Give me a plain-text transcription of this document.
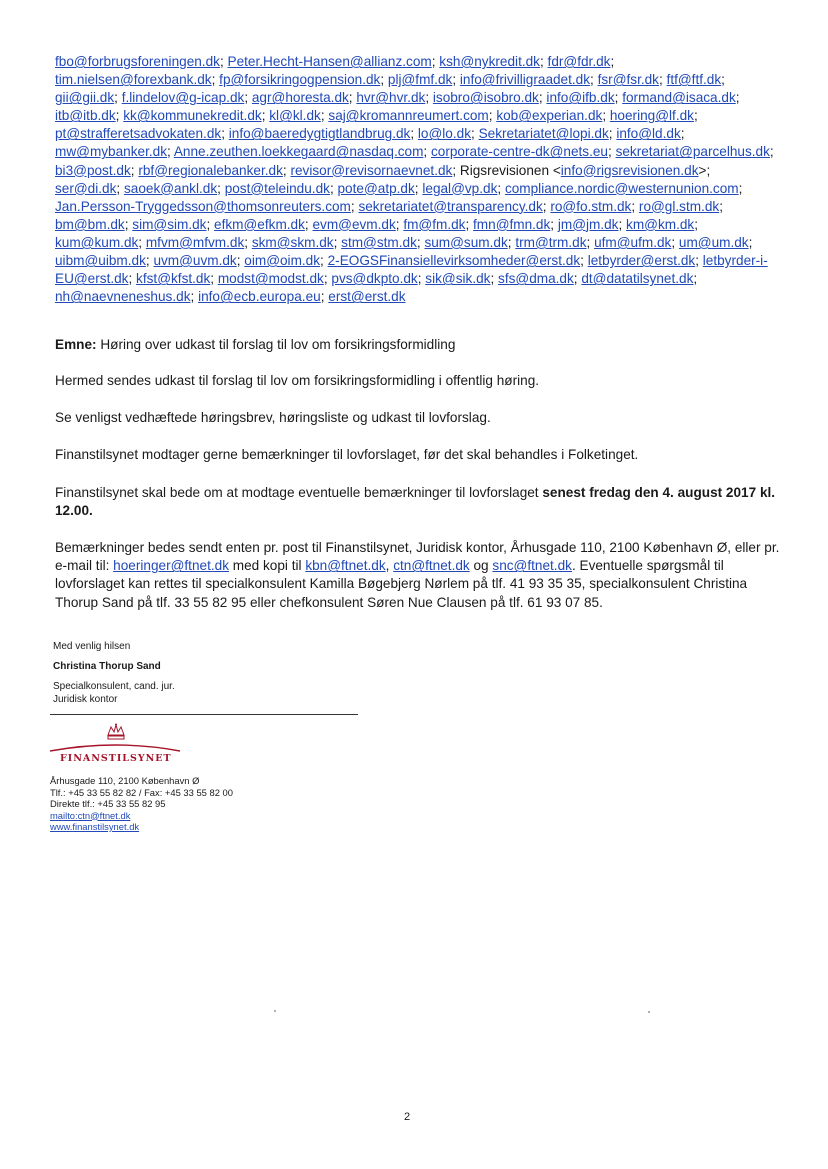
fbo@forbrugsforeningen.dk; Peter.Hecht-Hansen@allianz.com; ksh@nykredit.dk; fdr@fdr.dk; tim.nielsen@forexbank.dk; fp@forsikringogpension.dk; plj@fmf.dk; info@frivilligraadet.dk; fsr@fsr.dk; ftf@ftf.dk; gii@gii.dk; f.lindelov@g-icap.dk; agr@horesta.dk; hvr@hvr.dk; isobro@isobro.dk; info@ifb.dk; formand@isaca.dk; itb@itb.dk; kk@kommunekredit.dk; kl@kl.dk; saj@kromannreumert.com; kob@experian.dk; hoering@lf.dk; pt@strafferetsadvokaten.dk; info@baeredygtigtlandbrug.dk; lo@lo.dk; Sekretariatet@lopi.dk; info@ld.dk; mw@mybanker.dk; Anne.zeuthen.loekkegaard@nasdaq.com; corporate-centre-dk@nets.eu; sekretariat@parcelhus.dk; bi3@post.dk; rbf@regionalebanker.dk; revisor@revisornaevnet.dk; Rigsrevisionen <info@rigsrevisionen.dk>; ser@di.dk; saoek@ankl.dk; post@teleindu.dk; pote@atp.dk; legal@vp.dk; compliance.nordic@westernunion.com; Jan.Persson-Tryggedsson@thomsonreuters.com; sekretariatet@transparency.dk; ro@fo.stm.dk; ro@gl.stm.dk; bm@bm.dk; sim@sim.dk; efkm@efkm.dk; evm@evm.dk; fm@fm.dk; fmn@fmn.dk; jm@jm.dk; km@km.dk; kum@kum.dk; mfvm@mfvm.dk; skm@skm.dk; stm@stm.dk; sum@sum.dk; trm@trm.dk; ufm@ufm.dk; um@um.dk; uibm@uibm.dk; uvm@uvm.dk; oim@oim.dk; 2-EOGSFinansiellevirksomheder@erst.dk; letbyrder@erst.dk; letbyrder-i-EU@erst.dk; kfst@kfst.dk; modst@modst.dk; pvs@dkpto.dk; sik@sik.dk; sfs@dma.dk; dt@datatilsynet.dk; nh@naevneneshus.dk; info@ecb.europa.eu; erst@erst.dk
Emne: Høring over udkast til forslag til lov om forsikringsformidling

Hermed sendes udkast til forslag til lov om forsikringsformidling i offentlig høring.

Se venligst vedhæftede høringsbrev, høringsliste og udkast til lovforslag.

Finanstilsynet modtager gerne bemærkninger til lovforslaget, før det skal behandles i Folketinget.

Finanstilsynet skal bede om at modtage eventuelle bemærkninger til lovforslaget senest fredag den 4. august 2017 kl. 12.00.

Bemærkninger bedes sendt enten pr. post til Finanstilsynet, Juridisk kontor, Århusgade 110, 2100 København Ø, eller pr. e-mail til: hoeringer@ftnet.dk med kopi til kbn@ftnet.dk, ctn@ftnet.dk og snc@ftnet.dk. Eventuelle spørgsmål til lovforslaget kan rettes til specialkonsulent Kamilla Bøgebjerg Nørlem på tlf. 41 93 35 35, specialkonsulent Christina Thorup Sand på tlf. 33 55 82 95 eller chefkonsulent Søren Nue Clausen på tlf. 61 93 07 85.

Med venlig hilsen
Christina Thorup Sand
Specialkonsulent, cand. jur.
Juridisk kontor
FINANSTILSYNET
Århusgade 110, 2100 København Ø
Tlf.: +45 33 55 82 82 / Fax: +45 33 55 82 00
Direkte tlf.: +45 33 55 82 95
mailto:ctn@ftnet.dk
www.finanstilsynet.dk
2
